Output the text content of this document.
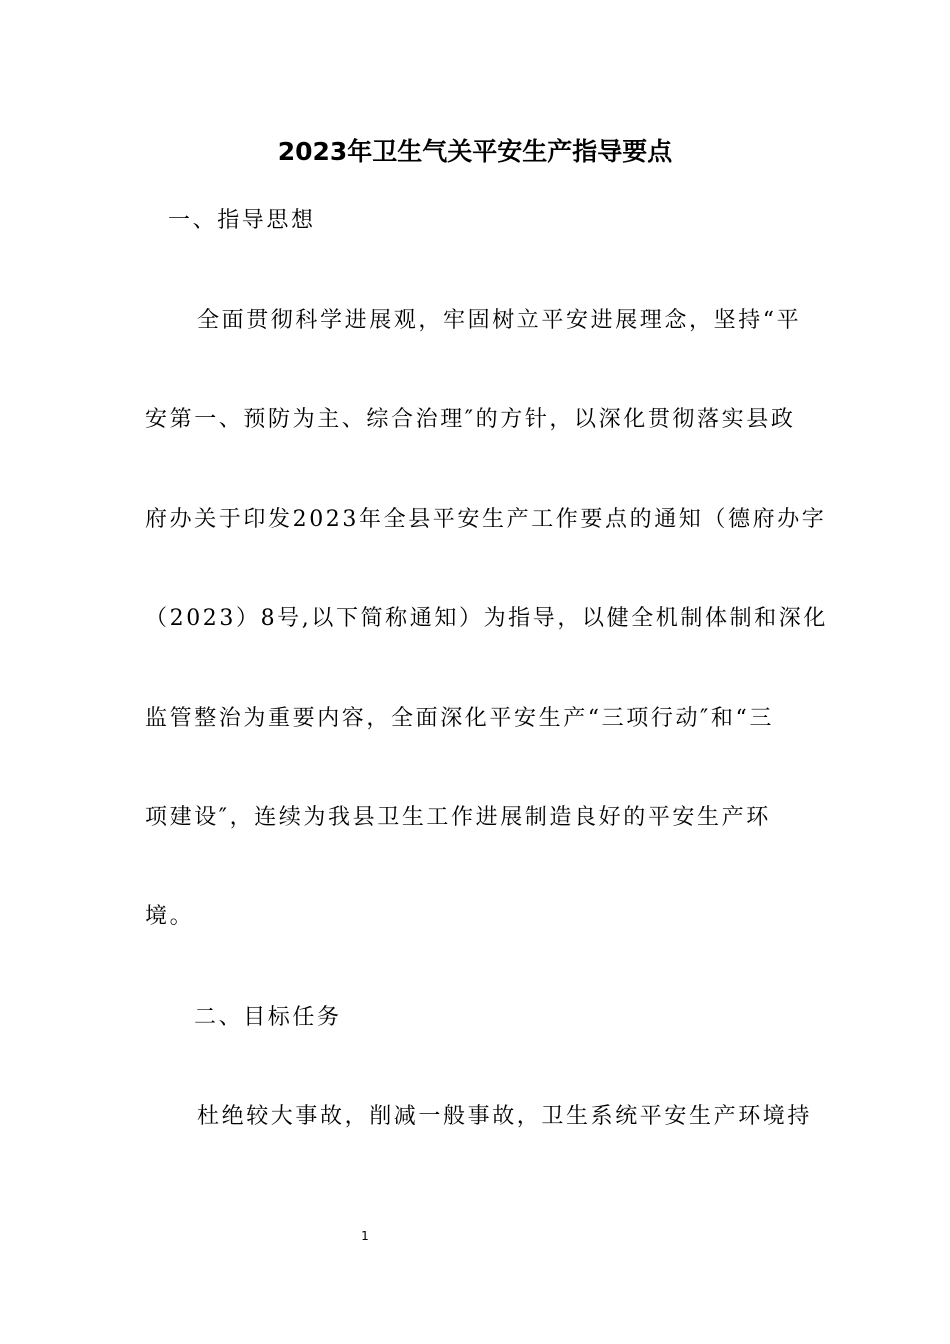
2023年卫生气关平安生产指导要点
一、指导思想
全面贯彻科学进展观，牢固树立平安进展理念，坚持“平
安第一、预防为主、综合治理″的方针，以深化贯彻落实县政
府办关于印发2023年全县平安生产工作要点的通知（德府办字
（2023）8号,以下简称通知）为指导，以健全机制体制和深化
监管整治为重要内容，全面深化平安生产“三项行动″和“三
项建设″，连续为我县卫生工作进展制造良好的平安生产环
境。
二、目标任务
杜绝较大事故，削减一般事故，卫生系统平安生产环境持
1
